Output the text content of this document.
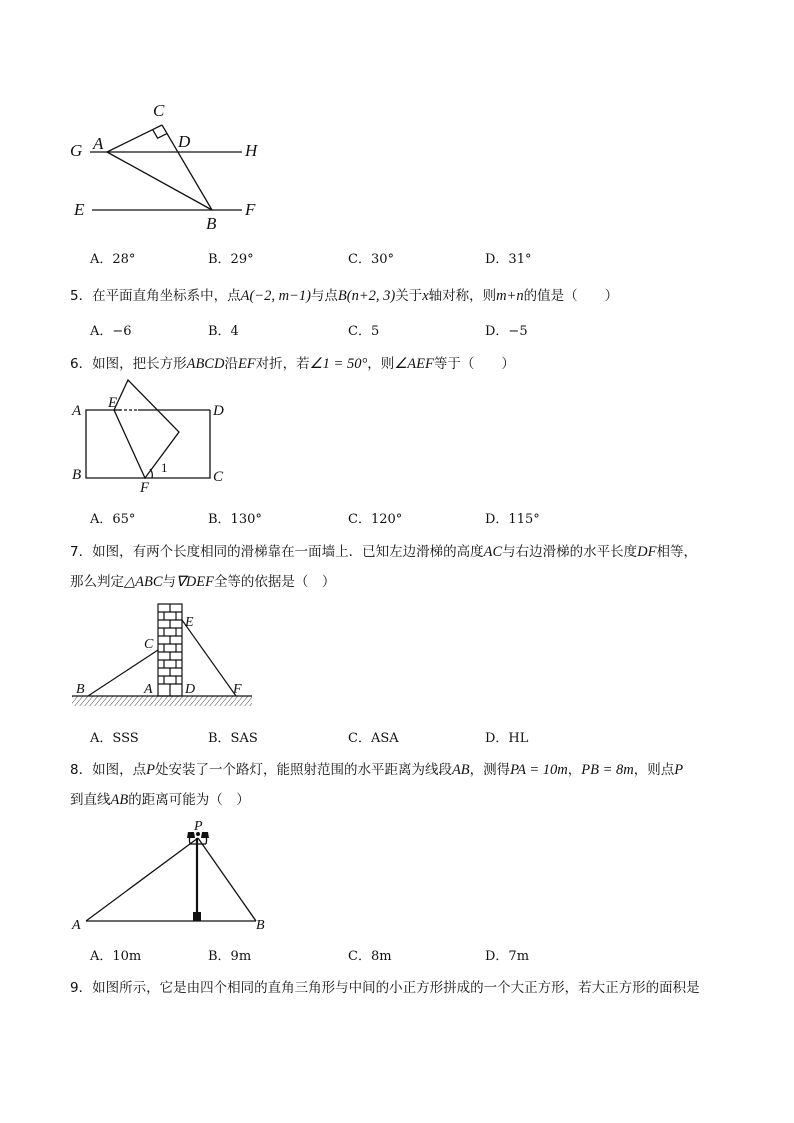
C
A	D
G	H
E
B
F
A．28°	B．29°	C．30°	D．31°
5．在平面直角坐标系中，点A(−2, m−1)与点B(n+2, 3)关于x轴对称，则m+n的值是（　　）
A．−6	B．4	C．5	D．−5
6．如图，把长方形ABCD沿EF对折，若∠1 = 50°，则∠AEF等于（　　）
A E	D
B
F
C
1
A．65°	B．130°	C．120°	D．115°
7．如图，有两个长度相同的滑梯靠在一面墙上．已知左边滑梯的高度AC与右边滑梯的水平长度DF相等，
那么判定△ABC与∇DEF全等的依据是（　）
C
E
B	A D	F
A．SSS	B．SAS	C．ASA	D．HL
8．如图，点P处安装了一个路灯，能照射范围的水平距离为线段AB，测得PA = 10m，PB = 8m，则点P
到直线AB的距离可能为（　）
P
A	B
A．10m	B．9m	C．8m	D．7m
9．如图所示，它是由四个相同的直角三角形与中间的小正方形拼成的一个大正方形，若大正方形的面积是
